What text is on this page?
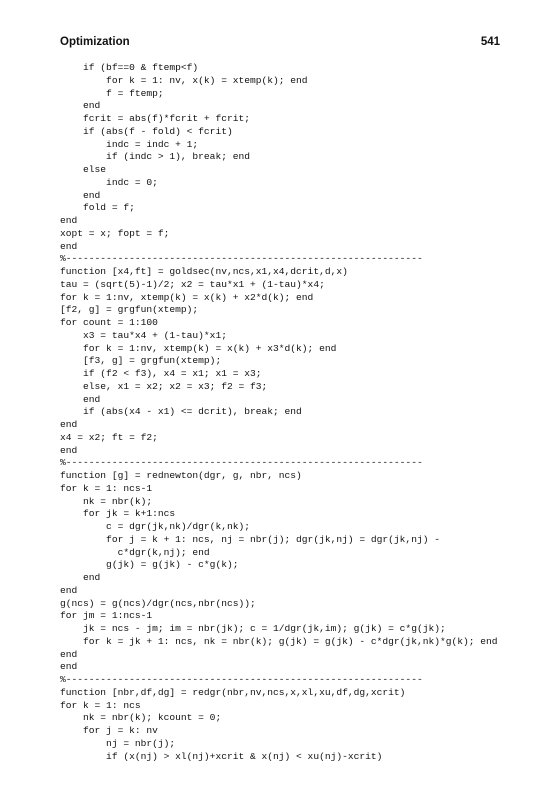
Optimization	541
if (bf==0 & ftemp<f)
for k = 1: nv, x(k) = xtemp(k); end
f = ftemp;
end
fcrit = abs(f)*fcrit + fcrit;
if (abs(f - fold) < fcrit)
indc = indc + 1;
if (indc > 1), break; end
else
indc = 0;
end
fold = f;
end
xopt = x; fopt = f;
end
%--------------------------------------------------------------
function [x4,ft] = goldsec(nv,ncs,x1,x4,dcrit,d,x)
tau = (sqrt(5)-1)/2; x2 = tau*x1 + (1-tau)*x4;
for k = 1:nv, xtemp(k) = x(k) + x2*d(k); end
[f2, g] = grgfun(xtemp);
for count = 1:100
x3 = tau*x4 + (1-tau)*x1;
for k = 1:nv, xtemp(k) = x(k) + x3*d(k); end
[f3, g] = grgfun(xtemp);
if (f2 < f3), x4 = x1; x1 = x3;
else, x1 = x2; x2 = x3; f2 = f3;
end
if (abs(x4 - x1) <= dcrit), break; end
end
x4 = x2; ft = f2;
end
%--------------------------------------------------------------
function [g] = rednewton(dgr, g, nbr, ncs)
for k = 1: ncs-1
nk = nbr(k);
for jk = k+1:ncs
c = dgr(jk,nk)/dgr(k,nk);
for j = k + 1: ncs, nj = nbr(j); dgr(jk,nj) = dgr(jk,nj) -
c*dgr(k,nj); end
g(jk) = g(jk) - c*g(k);
end
end
g(ncs) = g(ncs)/dgr(ncs,nbr(ncs));
for jm = 1:ncs-1
jk = ncs - jm; im = nbr(jk); c = 1/dgr(jk,im); g(jk) = c*g(jk);
for k = jk + 1: ncs, nk = nbr(k); g(jk) = g(jk) - c*dgr(jk,nk)*g(k); end
end
end
%--------------------------------------------------------------
function [nbr,df,dg] = redgr(nbr,nv,ncs,x,xl,xu,df,dg,xcrit)
for k = 1: ncs
nk = nbr(k); kcount = 0;
for j = k: nv
nj = nbr(j);
if (x(nj) > xl(nj)+xcrit & x(nj) < xu(nj)-xcrit)
